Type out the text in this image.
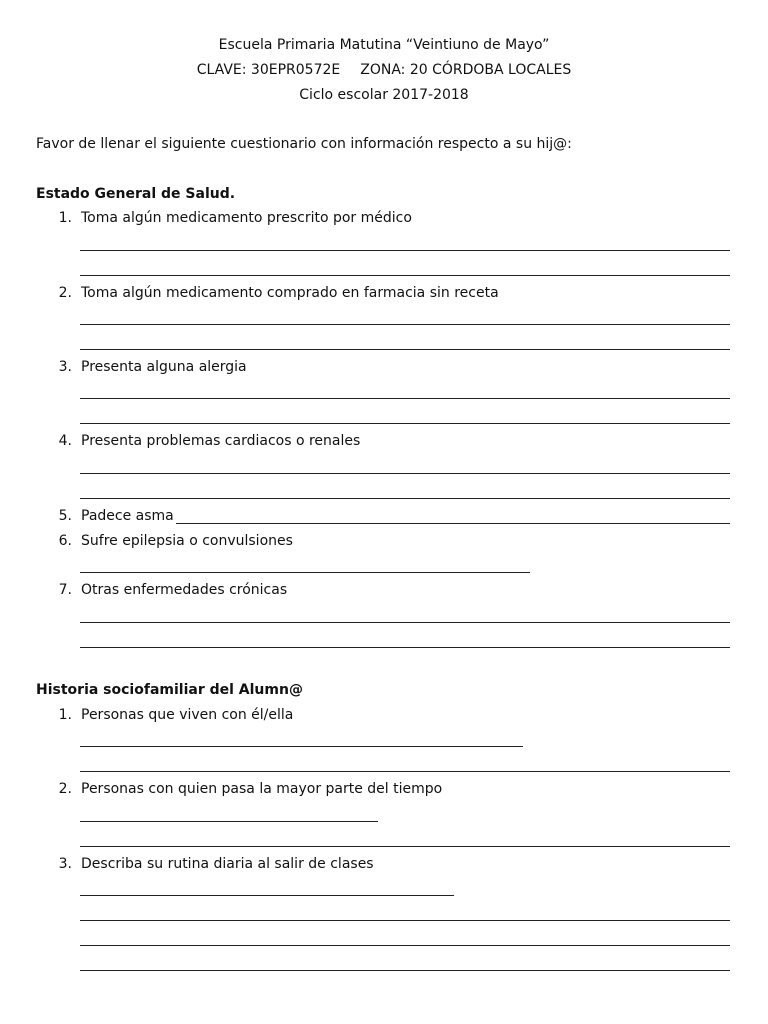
Escuela Primaria Matutina “Veintiuno de Mayo”
CLAVE: 30EPR0572E ZONA: 20 CÓRDOBA LOCALES
Ciclo escolar 2017-2018
Favor de llenar el siguiente cuestionario con información respecto a su hij@:
Estado General de Salud.
1. Toma algún medicamento prescrito por médico
2. Toma algún medicamento comprado en farmacia sin receta
3. Presenta alguna alergia
4. Presenta problemas cardiacos o renales
5. Padece asma
6. Sufre epilepsia o convulsiones
7. Otras enfermedades crónicas
Historia sociofamiliar del Alumn@
1. Personas que viven con él/ella
2. Personas con quien pasa la mayor parte del tiempo
3. Describa su rutina diaria al salir de clases
